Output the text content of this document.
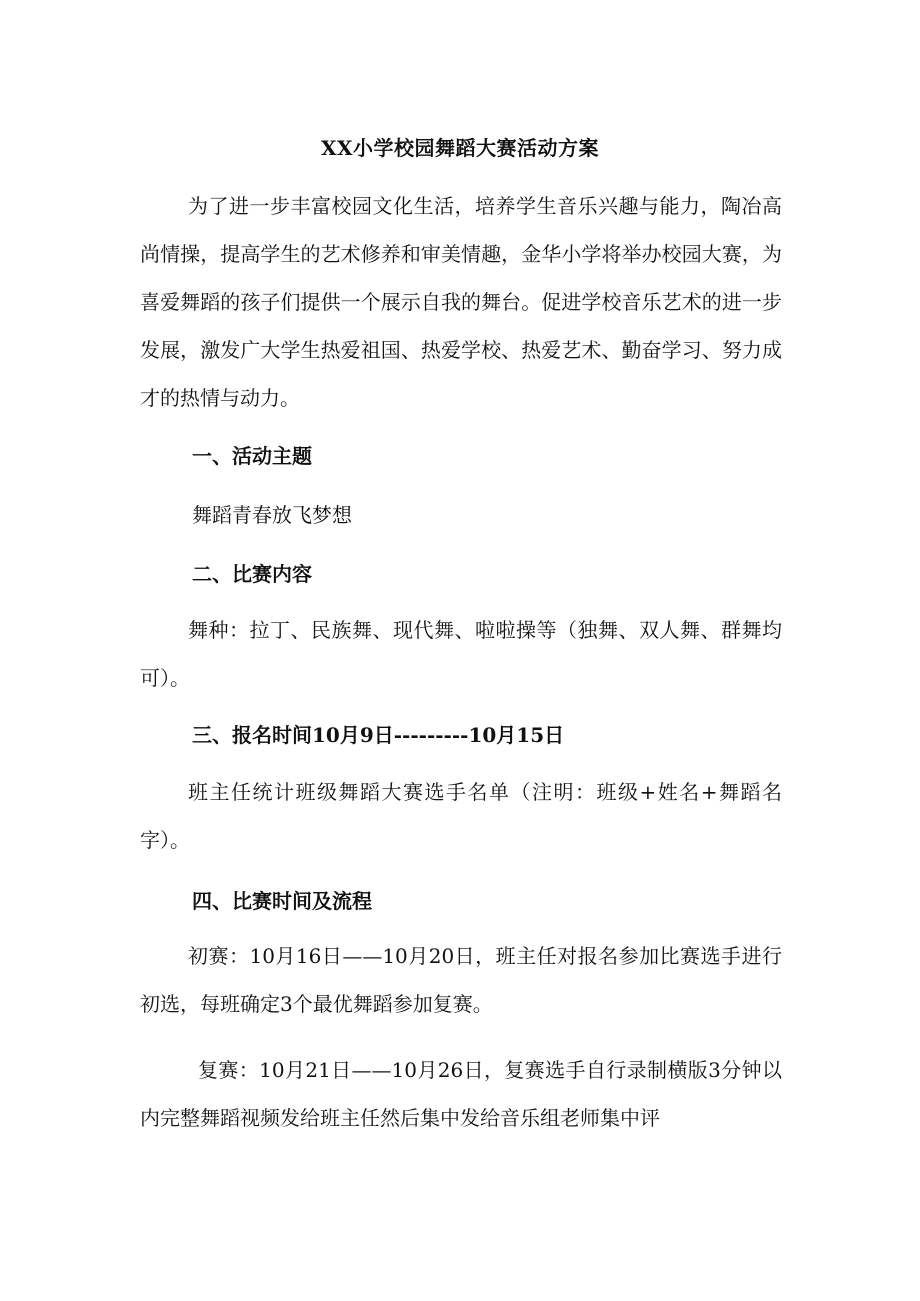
XX小学校园舞蹈大赛活动方案

为了进一步丰富校园文化生活，培养学生音乐兴趣与能力，陶冶高尚情操，提高学生的艺术修养和审美情趣，金华小学将举办校园大赛，为喜爱舞蹈的孩子们提供一个展示自我的舞台。促进学校音乐艺术的进一步发展，激发广大学生热爱祖国、热爱学校、热爱艺术、勤奋学习、努力成才的热情与动力。

一、活动主题
舞蹈青春放飞梦想
二、比赛内容

舞种：拉丁、民族舞、现代舞、啦啦操等（独舞、双人舞、群舞均可）。

三、报名时间10月9日---------10月15日

班主任统计班级舞蹈大赛选手名单（注明：班级+姓名+舞蹈名字）。

四、比赛时间及流程

初赛：10月16日——10月20日，班主任对报名参加比赛选手进行初选，每班确定3个最优舞蹈参加复赛。

复赛：10月21日——10月26日，复赛选手自行录制横版3分钟以内完整舞蹈视频发给班主任然后集中发给音乐组老师集中评
